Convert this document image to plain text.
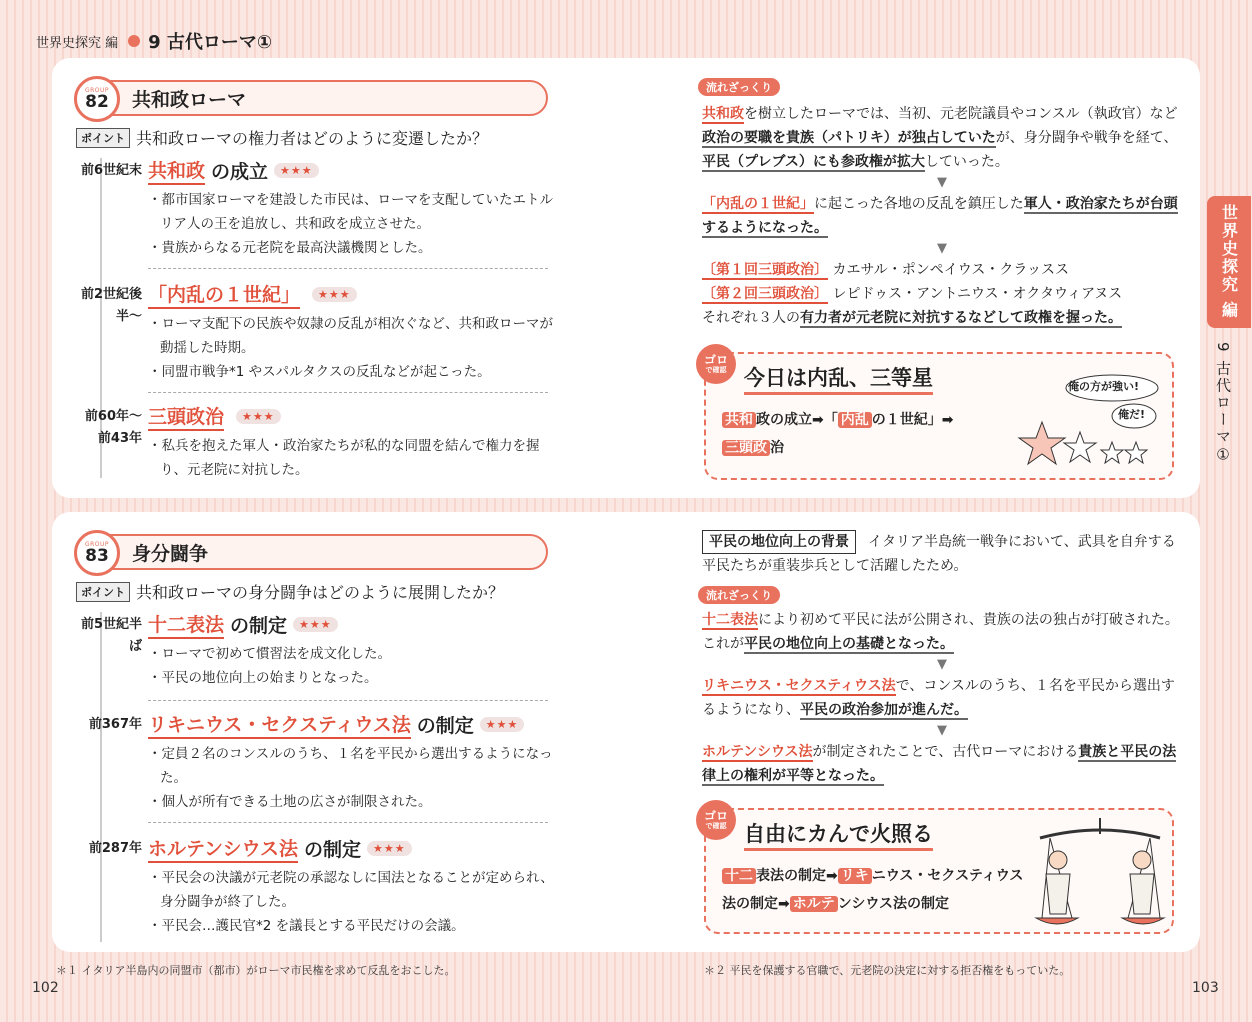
世界史探究 編 9 古代ローマ①
GROUP
82 共和政ローマ
ポイント 共和政ローマの権力者はどのように変遷したか？
前6世紀末 共和政 の成立	★★★
・都市国家ローマを建設した市民は、ローマを支配していたエトルリア人の王を追放し、共和政を成立させた。
・貴族からなる元老院を最高決議機関とした。
前2世紀後半〜
「内乱の１世紀」	★★★
・ローマ支配下の民族や奴隷の反乱が相次ぐなど、共和政ローマが動揺した時期。
・同盟市戦争*1 やスパルタクスの反乱などが起こった。
前60年〜前43年
三頭政治	★★★
・私兵を抱えた軍人・政治家たちが私的な同盟を結んで権力を握り、元老院に対抗した。
流れざっくり
共和政を樹立したローマでは、当初、元老院議員やコンスル（執政官）など政治の要職を貴族（パトリキ）が独占していたが、身分闘争や戦争を経て、平民（プレブス）にも参政権が拡大していった。
▼
「内乱の１世紀」に起こった各地の反乱を鎮圧した軍人・政治家たちが台頭するようになった。
▼
〔第１回三頭政治〕 カエサル・ポンペイウス・クラッスス
〔第２回三頭政治〕 レピドゥス・アントニウス・オクタウィアヌス
それぞれ３人の有力者が元老院に対抗するなどして政権を握った。
ゴロ
で確認 今日は内乱、三等星
共和 政の成立➡「 内乱 の１世紀」➡
三頭政 治
俺の方が強い!
俺だ!
GROUP
83 身分闘争
ポイント 共和政ローマの身分闘争はどのように展開したか？
前5世紀半ば
十二表法 の制定	★★★
・ローマで初めて慣習法を成文化した。
・平民の地位向上の始まりとなった。
前367年 リキニウス・セクスティウス法 の制定	★★★
・定員２名のコンスルのうち、１名を平民から選出するようになった。
・個人が所有できる土地の広さが制限された。
前287年 ホルテンシウス法 の制定	★★★
・平民会の決議が元老院の承認なしに国法となることが定められ、身分闘争が終了した。
・平民会…護民官*2 を議長とする平民だけの会議。
平民の地位向上の背景 イタリア半島統一戦争において、武具を自弁する平民たちが重装歩兵として活躍したため。
流れざっくり
十二表法により初めて平民に法が公開され、貴族の法の独占が打破された。これが平民の地位向上の基礎となった。
▼
リキニウス・セクスティウス法で、コンスルのうち、１名を平民から選出するようになり、平民の政治参加が進んだ。
▼
ホルテンシウス法が制定されたことで、古代ローマにおける貴族と平民の法律上の権利が平等となった。
ゴロ
で確認 自由にカんで火照る
十二 表法の制定➡ リキ ニウス・セクスティウス
法の制定➡ ホルテ ンシウス法の制定
世界史探究 編
9 古代ローマ①
＊１ イタリア半島内の同盟市（都市）がローマ市民権を求めて反乱をおこした。	＊２ 平民を保護する官職で、元老院の決定に対する拒否権をもっていた。
102	103
